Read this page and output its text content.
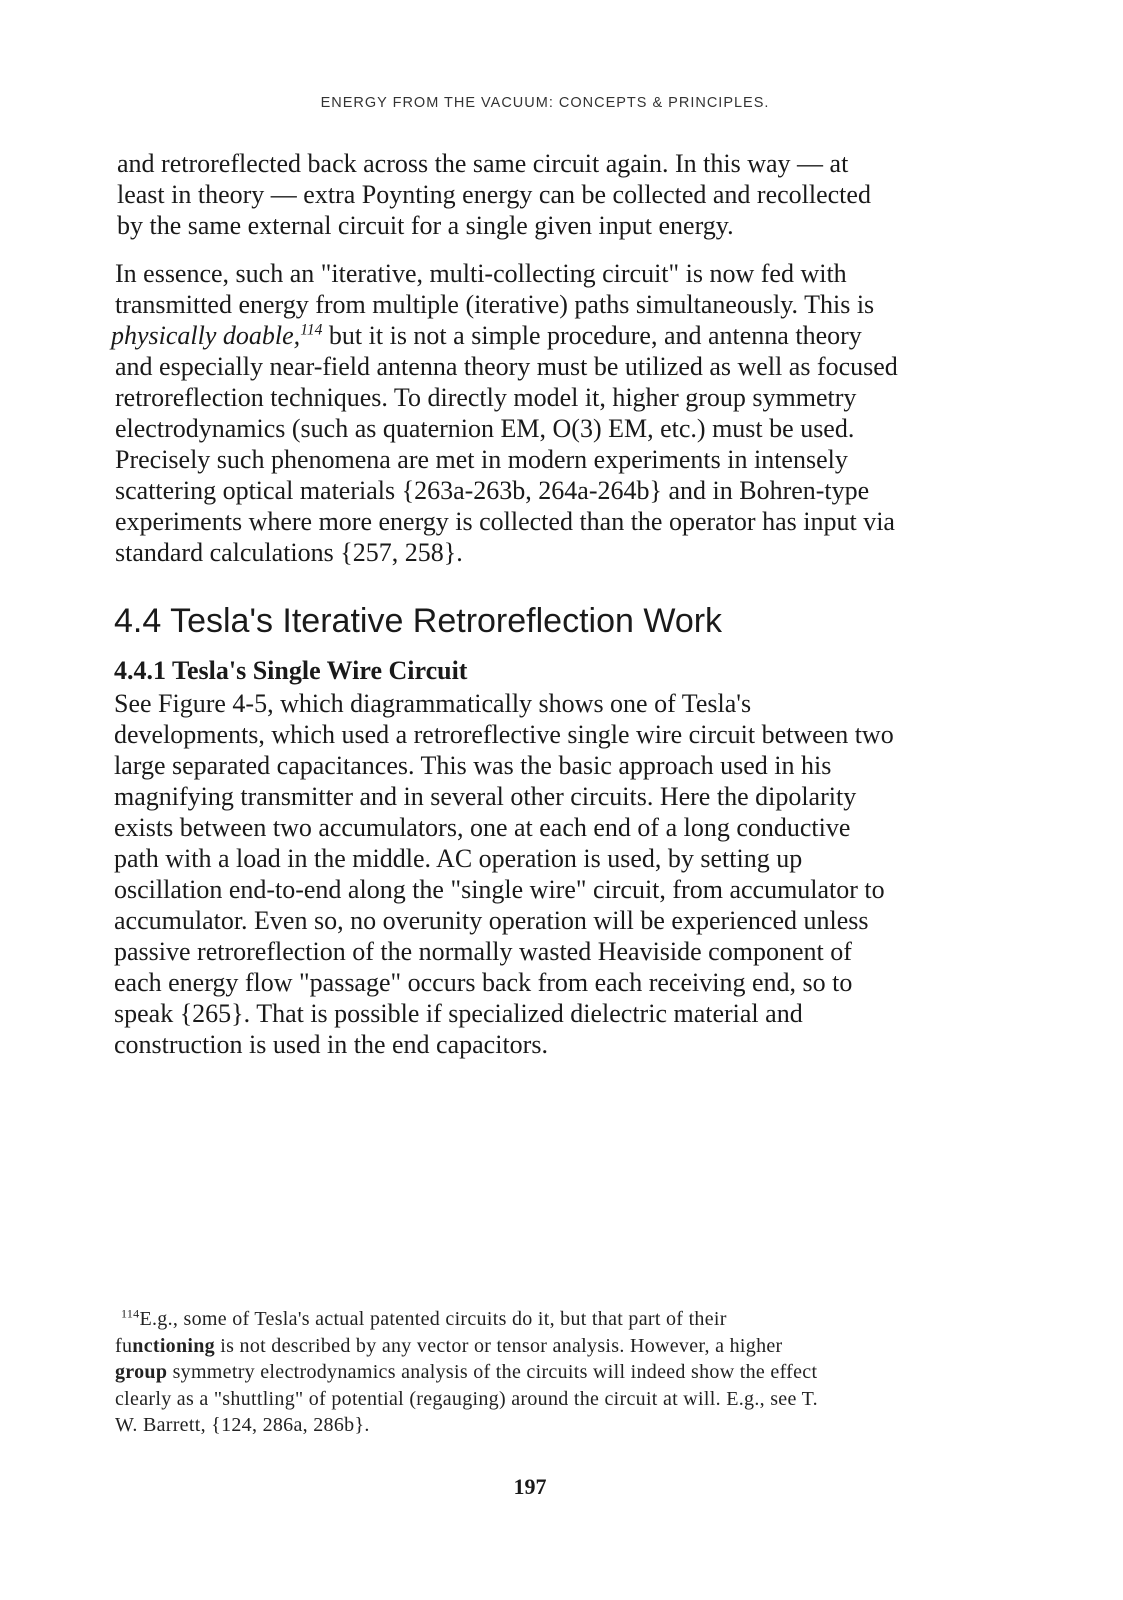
ENERGY FROM THE VACUUM: CONCEPTS & PRINCIPLES.
and retroreflected back across the same circuit again. In this way — at
least in theory — extra Poynting energy can be collected and recollected
by the same external circuit for a single given input energy.
In essence, such an "iterative, multi-collecting circuit" is now fed with
transmitted energy from multiple (iterative) paths simultaneously. This is
physically doable,$^{114}$ but it is not a simple procedure, and antenna theory
and especially near-field antenna theory must be utilized as well as focused
retroreflection techniques. To directly model it, higher group symmetry
electrodynamics (such as quaternion EM, O(3) EM, etc.) must be used.
Precisely such phenomena are met in modern experiments in intensely
scattering optical materials {263a-263b, 264a-264b} and in Bohren-type
experiments where more energy is collected than the operator has input via
standard calculations {257, 258}.
4.4 Tesla's Iterative Retroreflection Work
4.4.1 Tesla's Single Wire Circuit
See Figure 4-5, which diagrammatically shows one of Tesla's
developments, which used a retroreflective single wire circuit between two
large separated capacitances. This was the basic approach used in his
magnifying transmitter and in several other circuits. Here the dipolarity
exists between two accumulators, one at each end of a long conductive
path with a load in the middle. AC operation is used, by setting up
oscillation end-to-end along the "single wire" circuit, from accumulator to
accumulator. Even so, no overunity operation will be experienced unless
passive retroreflection of the normally wasted Heaviside component of
each energy flow "passage" occurs back from each receiving end, so to
speak {265}. That is possible if specialized dielectric material and
construction is used in the end capacitors.
$^{114}$E.g., some of Tesla's actual patented circuits do it, but that part of their
functioning is not described by any vector or tensor analysis. However, a higher
group symmetry electrodynamics analysis of the circuits will indeed show the effect
clearly as a "shuttling" of potential (regauging) around the circuit at will. E.g., see T.
W. Barrett, {124, 286a, 286b}.
197
